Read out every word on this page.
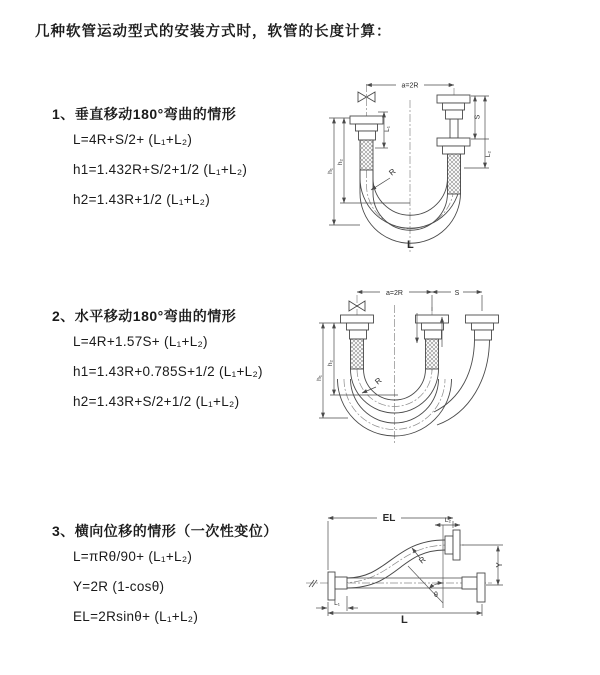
几种软管运动型式的安装方式时，软管的长度计算：
1、垂直移动180°弯曲的情形
L=4R+S/2+ (L₁+L₂)
h1=1.432R+S/2+1/2 (L₁+L₂)
h2=1.43R+1/2 (L₁+L₂)
2、水平移动180°弯曲的情形
L=4R+1.57S+ (L₁+L₂)
h1=1.43R+0.785S+1/2 (L₁+L₂)
h2=1.43R+S/2+1/2 (L₁+L₂)
3、横向位移的情形（一次性变位）
L=πRθ/90+ (L₁+L₂)
Y=2R (1-cosθ)
EL=2Rsinθ+ (L₁+L₂)
a=2R
S
L₂
L₁
h₁
h₂
R
L
a=2R	S
h₁
h₂
R
EL	L₂
L₁
Y
R
θ
L
